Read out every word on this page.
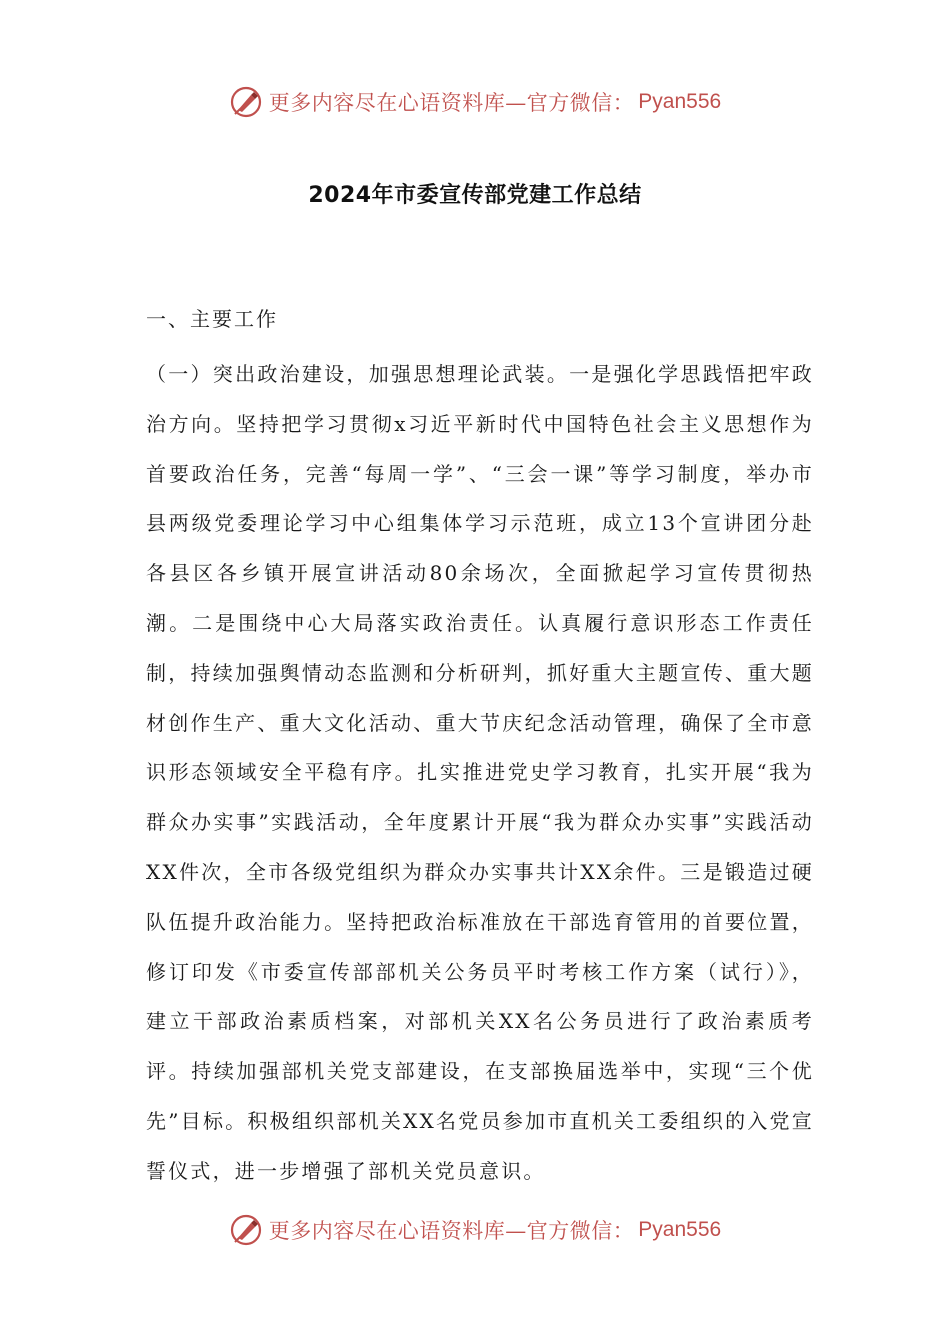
更多内容尽在心语资料库—官方微信： Pyan556
2024年市委宣传部党建工作总结
一、主要工作

（一）突出政治建设，加强思想理论武装。一是强化学思践悟把牢政治方向。坚持把学习贯彻x习近平新时代中国特色社会主义思想作为首要政治任务，完善“每周一学”、“三会一课”等学习制度，举办市县两级党委理论学习中心组集体学习示范班，成立13个宣讲团分赴各县区各乡镇开展宣讲活动80余场次，全面掀起学习宣传贯彻热潮。二是围绕中心大局落实政治责任。认真履行意识形态工作责任制，持续加强舆情动态监测和分析研判，抓好重大主题宣传、重大题材创作生产、重大文化活动、重大节庆纪念活动管理，确保了全市意识形态领域安全平稳有序。扎实推进党史学习教育，扎实开展“我为群众办实事”实践活动，全年度累计开展“我为群众办实事”实践活动XX件次，全市各级党组织为群众办实事共计XX余件。三是锻造过硬队伍提升政治能力。坚持把政治标准放在干部选育管用的首要位置，修订印发《市委宣传部部机关公务员平时考核工作方案（试行）》，建立干部政治素质档案，对部机关XX名公务员进行了政治素质考评。持续加强部机关党支部建设，在支部换届选举中，实现“三个优先”目标。积极组织部机关XX名党员参加市直机关工委组织的入党宣誓仪式，进一步增强了部机关党员意识。

更多内容尽在心语资料库—官方微信： Pyan556
